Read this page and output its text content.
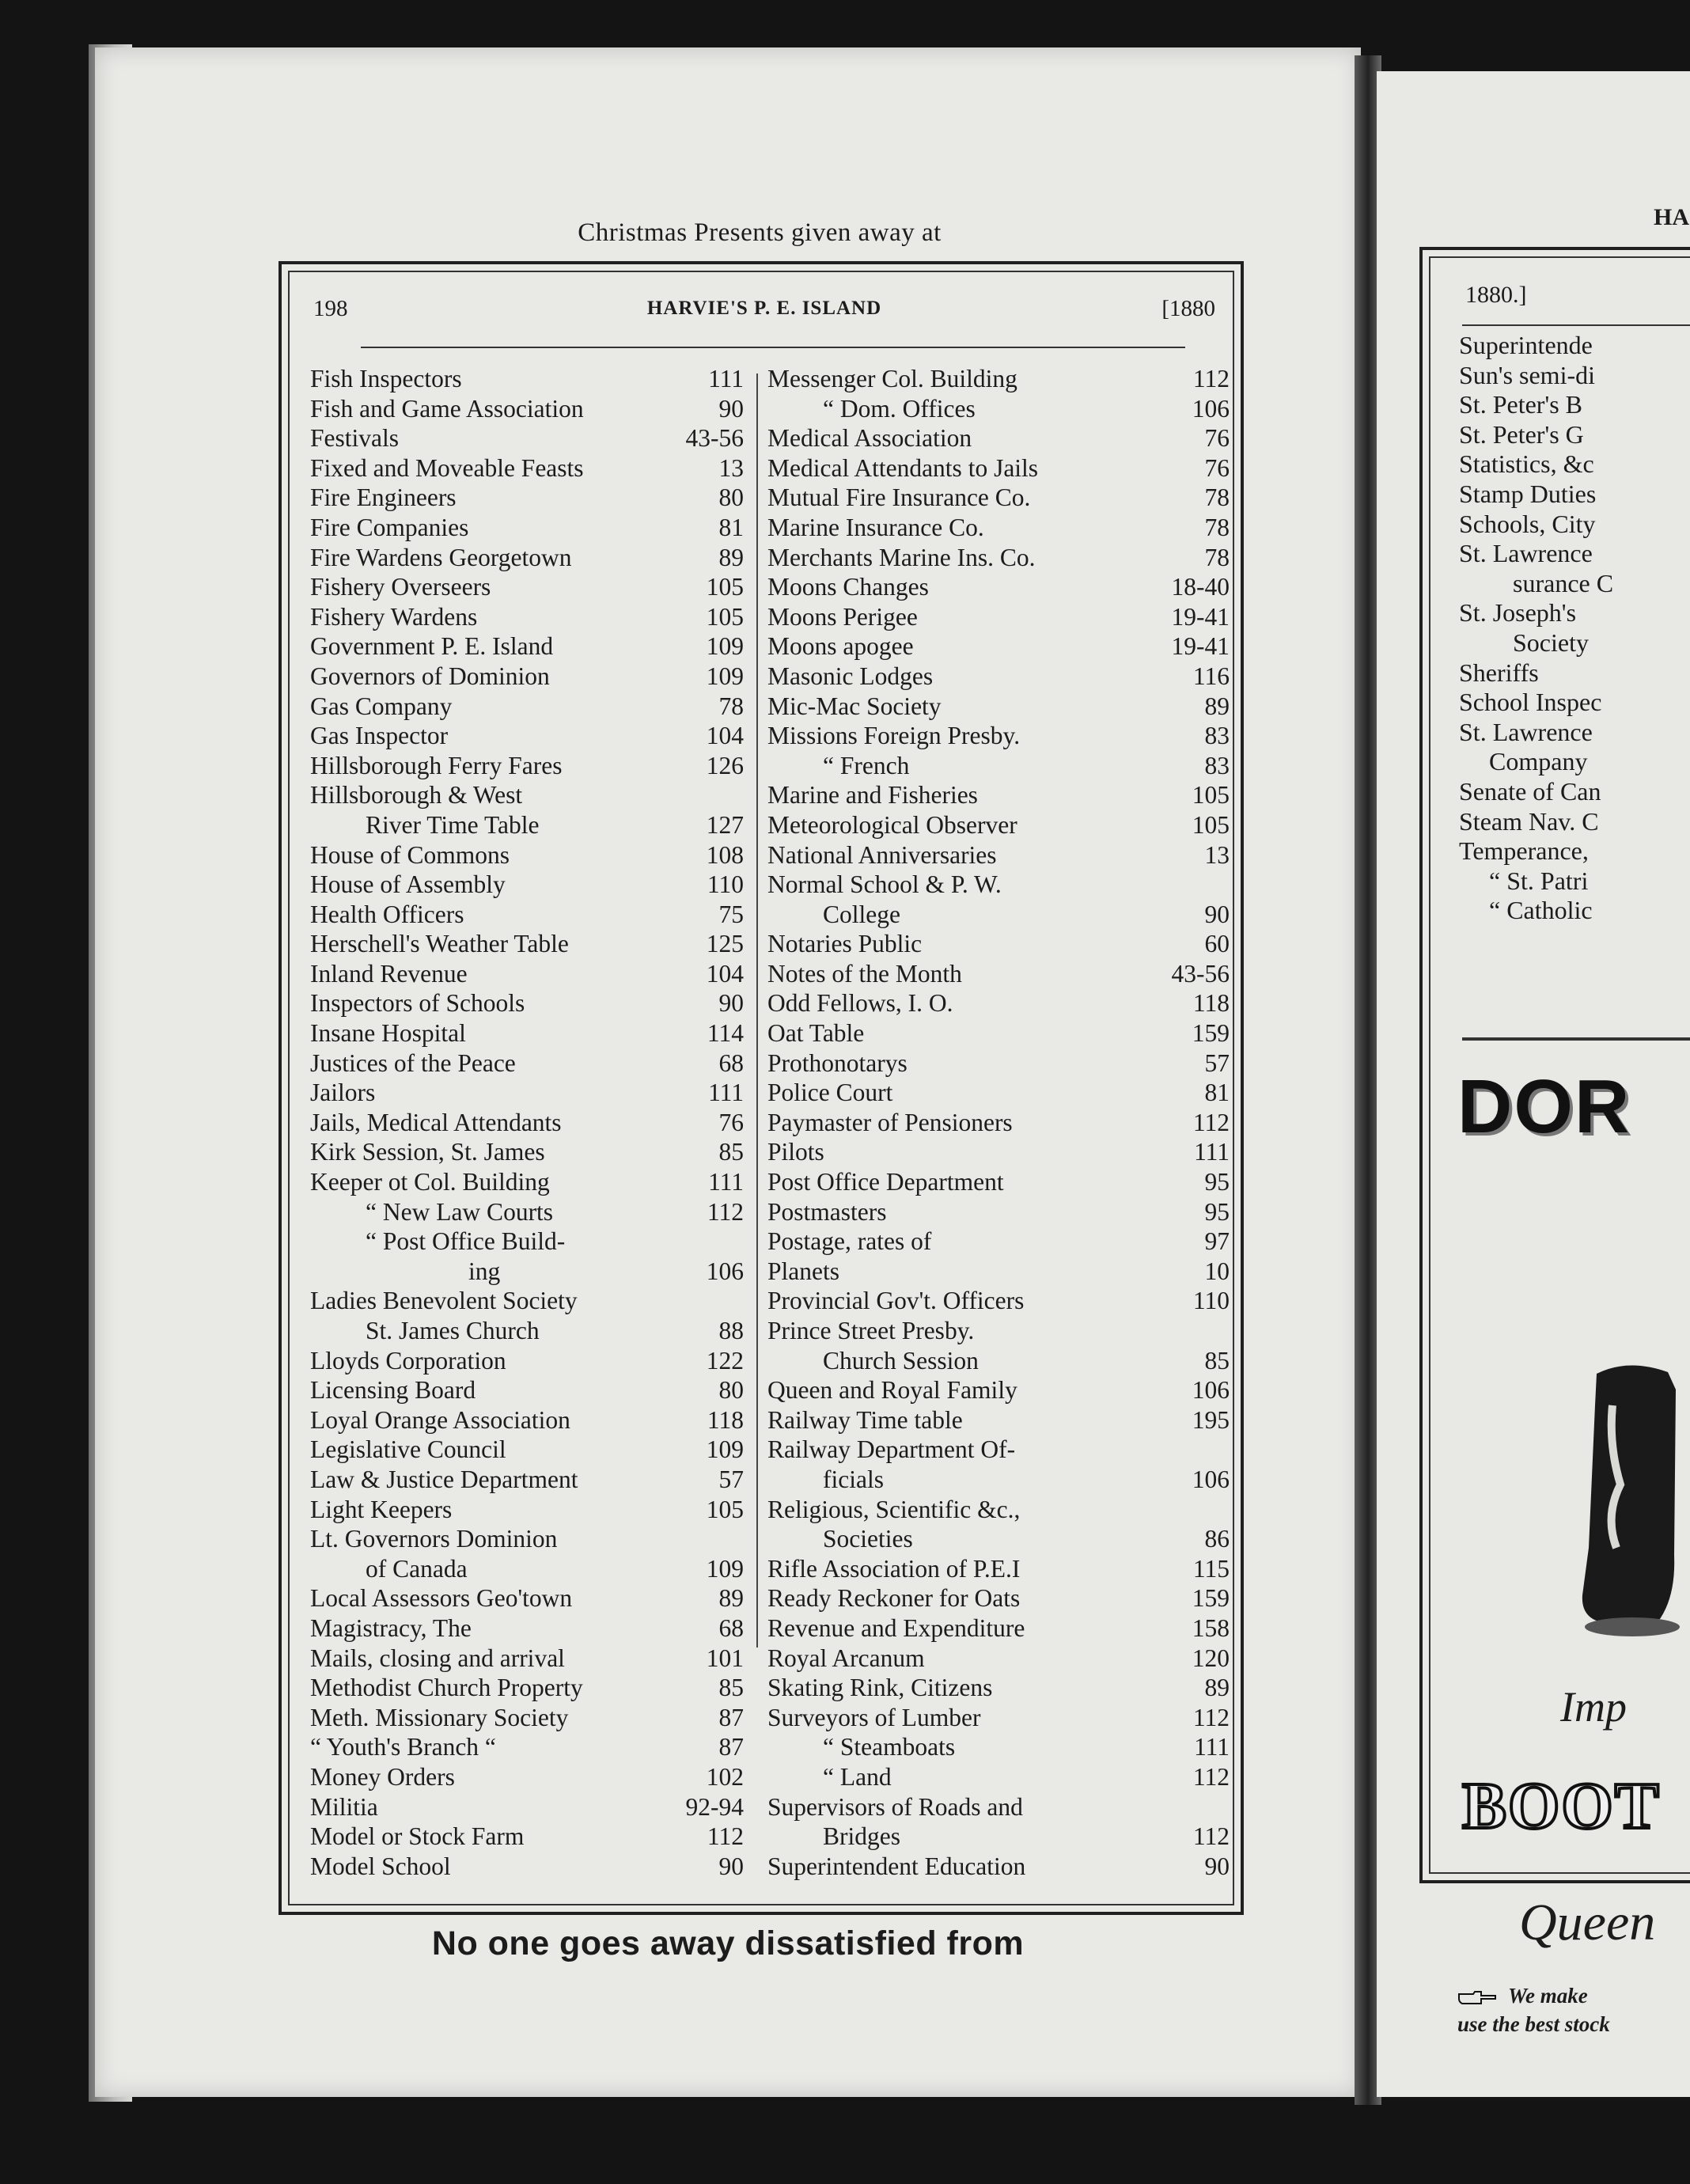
Christmas Presents given away at
198	HARVIE'S P. E. ISLAND	[1880
Fish Inspectors	111
Fish and Game Association	90
Festivals	43-56
Fixed and Moveable Feasts	13
Fire Engineers	80
Fire Companies	81
Fire Wardens Georgetown	89
Fishery Overseers	105
Fishery Wardens	105
Government P. E. Island	109
Governors of Dominion	109
Gas Company	78
Gas Inspector	104
Hillsborough Ferry Fares	126
Hillsborough & West
River Time Table	127
House of Commons	108
House of Assembly	110
Health Officers	75
Herschell's Weather Table	125
Inland Revenue	104
Inspectors of Schools	90
Insane Hospital	114
Justices of the Peace	68
Jailors	111
Jails, Medical Attendants	76
Kirk Session, St. James	85
Keeper ot Col. Building	111
“ New Law Courts	112
“ Post Office Build-
ing	106
Ladies Benevolent Society
St. James Church	88
Lloyds Corporation	122
Licensing Board	80
Loyal Orange Association	118
Legislative Council	109
Law & Justice Department	57
Light Keepers	105
Lt. Governors Dominion
of Canada	109
Local Assessors Geo'town	89
Magistracy, The	68
Mails, closing and arrival	101
Methodist Church Property	85
Meth. Missionary Society	87
“ Youth's Branch “	87
Money Orders	102
Militia	92-94
Model or Stock Farm	112
Model School	90
Messenger Col. Building	112
“ Dom. Offices	106
Medical Association	76
Medical Attendants to Jails	76
Mutual Fire Insurance Co.	78
Marine Insurance Co.	78
Merchants Marine Ins. Co.	78
Moons Changes	18-40
Moons Perigee	19-41
Moons apogee	19-41
Masonic Lodges	116
Mic-Mac Society	89
Missions Foreign Presby.	83
“ French	83
Marine and Fisheries	105
Meteorological Observer	105
National Anniversaries	13
Normal School & P. W.
College	90
Notaries Public	60
Notes of the Month	43-56
Odd Fellows, I. O.	118
Oat Table	159
Prothonotarys	57
Police Court	81
Paymaster of Pensioners	112
Pilots	111
Post Office Department	95
Postmasters	95
Postage, rates of	97
Planets	10
Provincial Gov't. Officers	110
Prince Street Presby.
Church Session	85
Queen and Royal Family	106
Railway Time table	195
Railway Department Of-
ficials	106
Religious, Scientific &c.,
Societies	86
Rifle Association of P.E.I	115
Ready Reckoner for Oats	159
Revenue and Expenditure	158
Royal Arcanum	120
Skating Rink, Citizens	89
Surveyors of Lumber	112
“ Steamboats	111
“ Land	112
Supervisors of Roads and
Bridges	112
Superintendent Education	90
No one goes away dissatisfied from
HA
1880.]
Superintende
Sun's semi-di
St. Peter's B
St. Peter's G
Statistics, &c
Stamp Duties
Schools, City
St. Lawrence
surance C
St. Joseph's
Society
Sheriffs
School Inspec
St. Lawrence
Company
Senate of Can
Steam Nav. C
Temperance,
“ St. Patri
“ Catholic
DOR
Imp
BOOT
Queen
We make
use the best stock
